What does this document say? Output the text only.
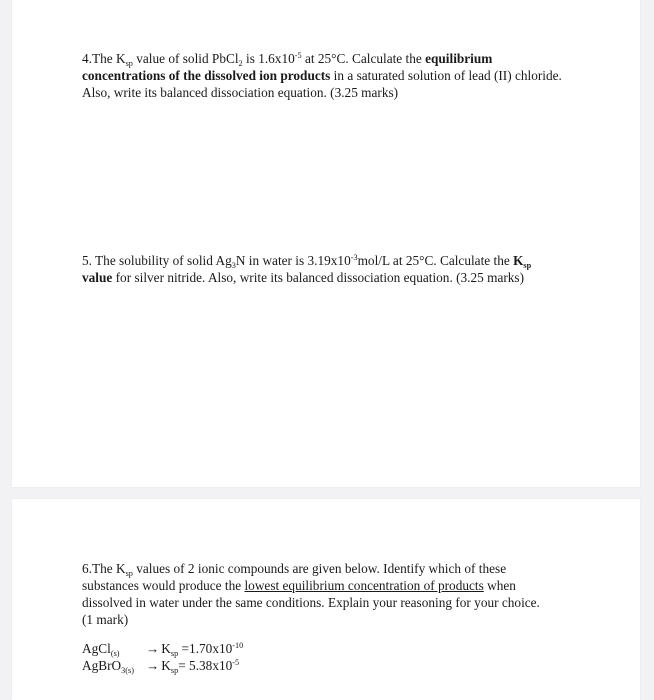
4.The $K_{sp}$ value of solid PbCl$_2$ is $1.6x10^{-5}$ at 25°C. Calculate the equilibrium concentrations of the dissolved ion products in a saturated solution of lead (II) chloride. Also, write its balanced dissociation equation. (3.25 marks)

5. The solubility of solid $Ag_3N$ in water is $3.19x10^{-3}mol/L$ at 25°C. Calculate the $K_{sp}$ value for silver nitride. Also, write its balanced dissociation equation. (3.25 marks)

6.The $K_{sp}$ values of 2 ionic compounds are given below. Identify which of these substances would produce the lowest equilibrium concentration of products when dissolved in water under the same conditions. Explain your reasoning for your choice. (1 mark)

AgCl$_{(s)}$	→ $K_{sp} =1.70x10^{-10}$
AgBrO$_{3(s)}$ → $K_{sp}= 5.38x10^{-5}$
